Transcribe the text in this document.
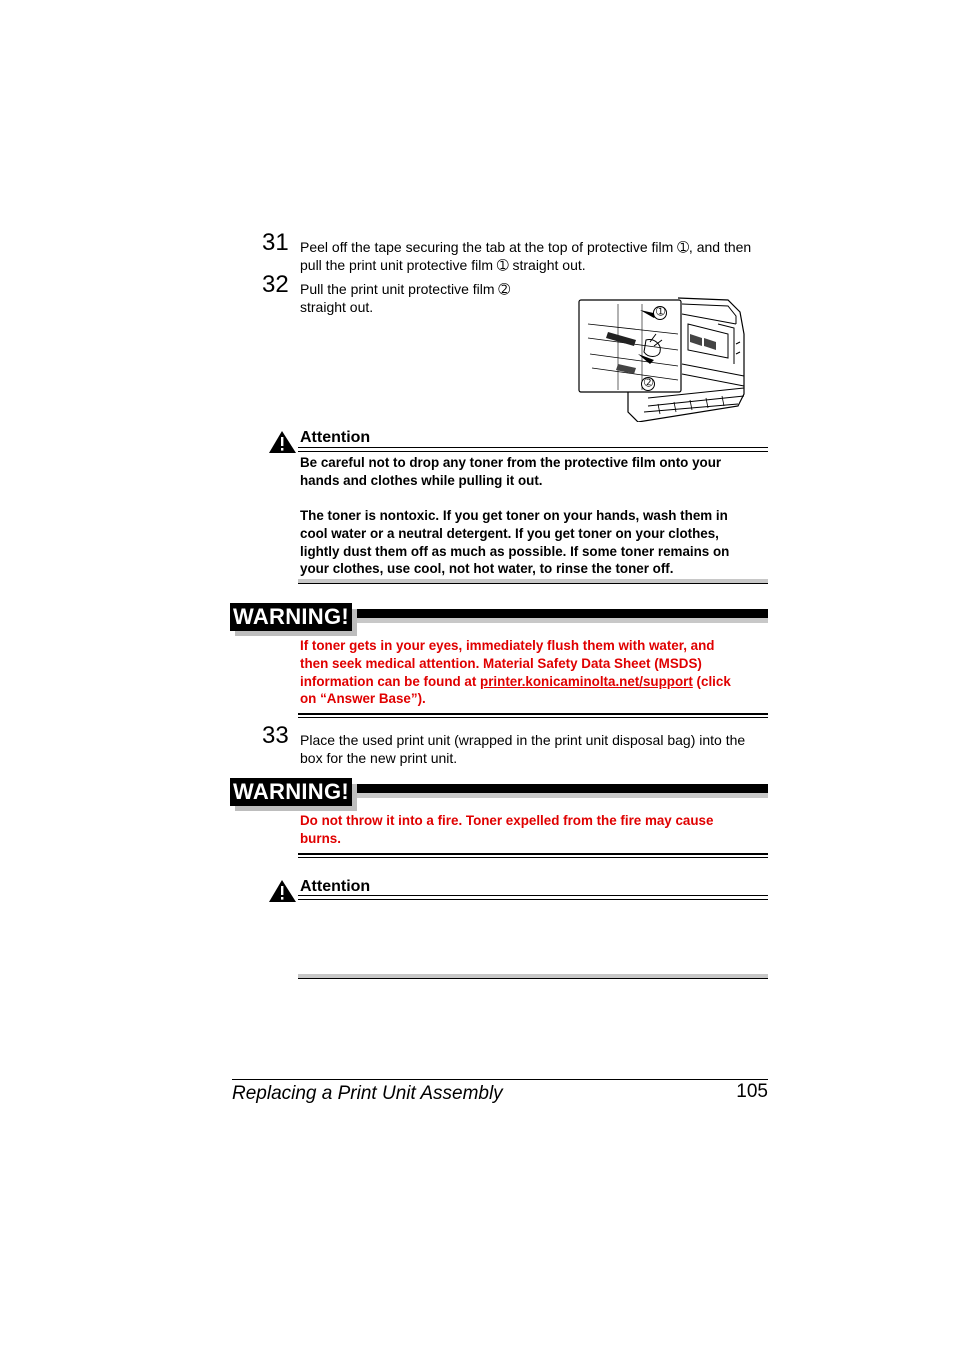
31 Peel off the tape securing the tab at the top of protective film ➀, and then
pull the print unit protective film ➀ straight out.
32 Pull the print unit protective film ➁
straight out.	➀
➁
Attention
Be careful not to drop any toner from the protective film onto your
hands and clothes while pulling it out.
The toner is nontoxic. If you get toner on your hands, wash them in
cool water or a neutral detergent. If you get toner on your clothes,
lightly dust them off as much as possible. If some toner remains on
your clothes, use cool, not hot water, to rinse the toner off.
WARNING!
If toner gets in your eyes, immediately flush them with water, and
then seek medical attention. Material Safety Data Sheet (MSDS)
information can be found at printer.konicaminolta.net/support (click
on “Answer Base”).
33 Place the used print unit (wrapped in the print unit disposal bag) into the
box for the new print unit.
WARNING!
Do not throw it into a fire. Toner expelled from the fire may cause
burns.
Attention
Replacing a Print Unit Assembly	105
